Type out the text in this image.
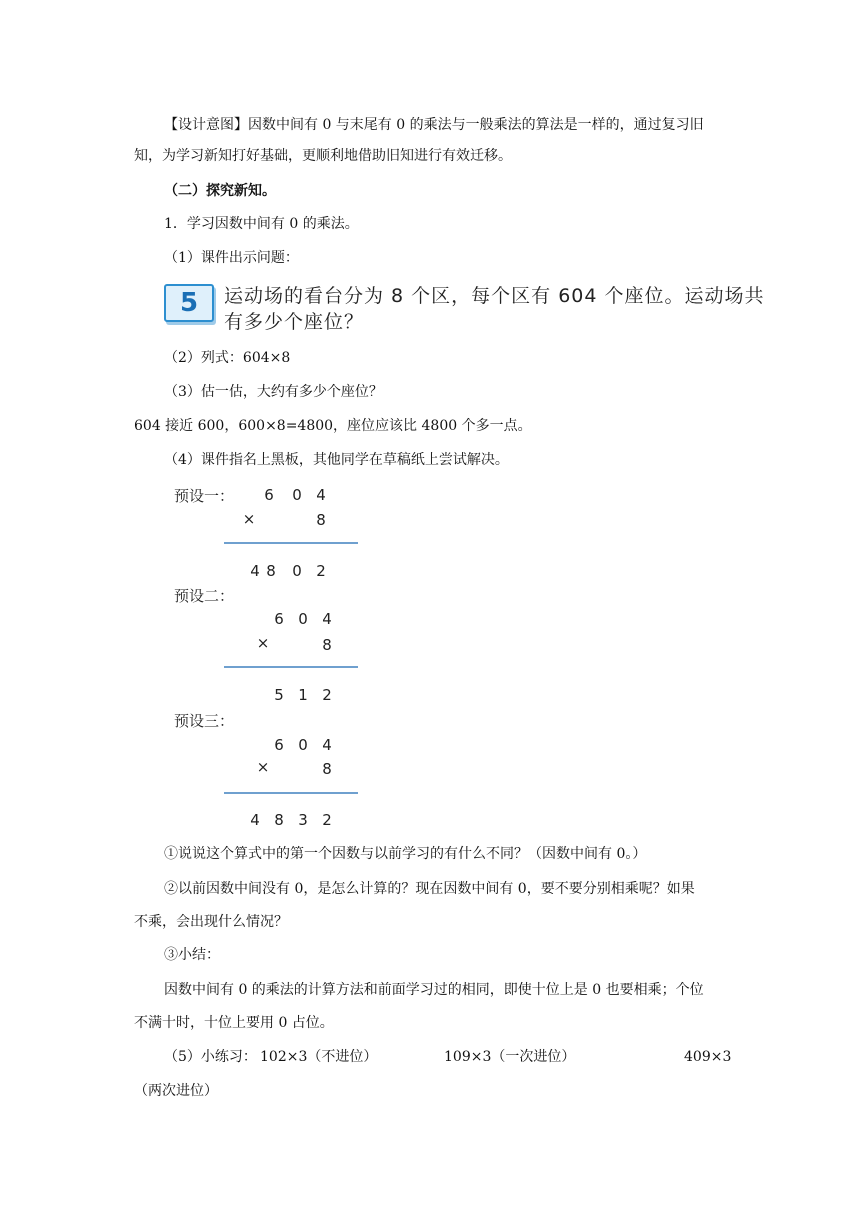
【设计意图】因数中间有 0 与末尾有 0 的乘法与一般乘法的算法是一样的，通过复习旧
知，为学习新知打好基础，更顺利地借助旧知进行有效迁移。
（二）探究新知。
1．学习因数中间有 0 的乘法。
（1）课件出示问题：
5	运动场的看台分为 8 个区，每个区有 604 个座位。运动场共有多少个座位？
（2）列式：604×8
（3）估一估，大约有多少个座位？
604 接近 600，600×8=4800，座位应该比 4800 个多一点。
（4）课件指名上黑板，其他同学在草稿纸上尝试解决。
预设一： 6 0 4
×	8
4 8 0 2
预设二：
6 0 4
×	8
5 1 2
预设三：
6 0 4
×	8
4 8 3 2
①说说这个算式中的第一个因数与以前学习的有什么不同？（因数中间有 0。）
②以前因数中间没有 0，是怎么计算的？现在因数中间有 0，要不要分别相乘呢？如果
不乘，会出现什么情况？
③小结：
因数中间有 0 的乘法的计算方法和前面学习过的相同，即使十位上是 0 也要相乘；个位
不满十时，十位上要用 0 占位。
（5）小练习： 102×3（不进位）	109×3（一次进位）	409×3
（两次进位）
